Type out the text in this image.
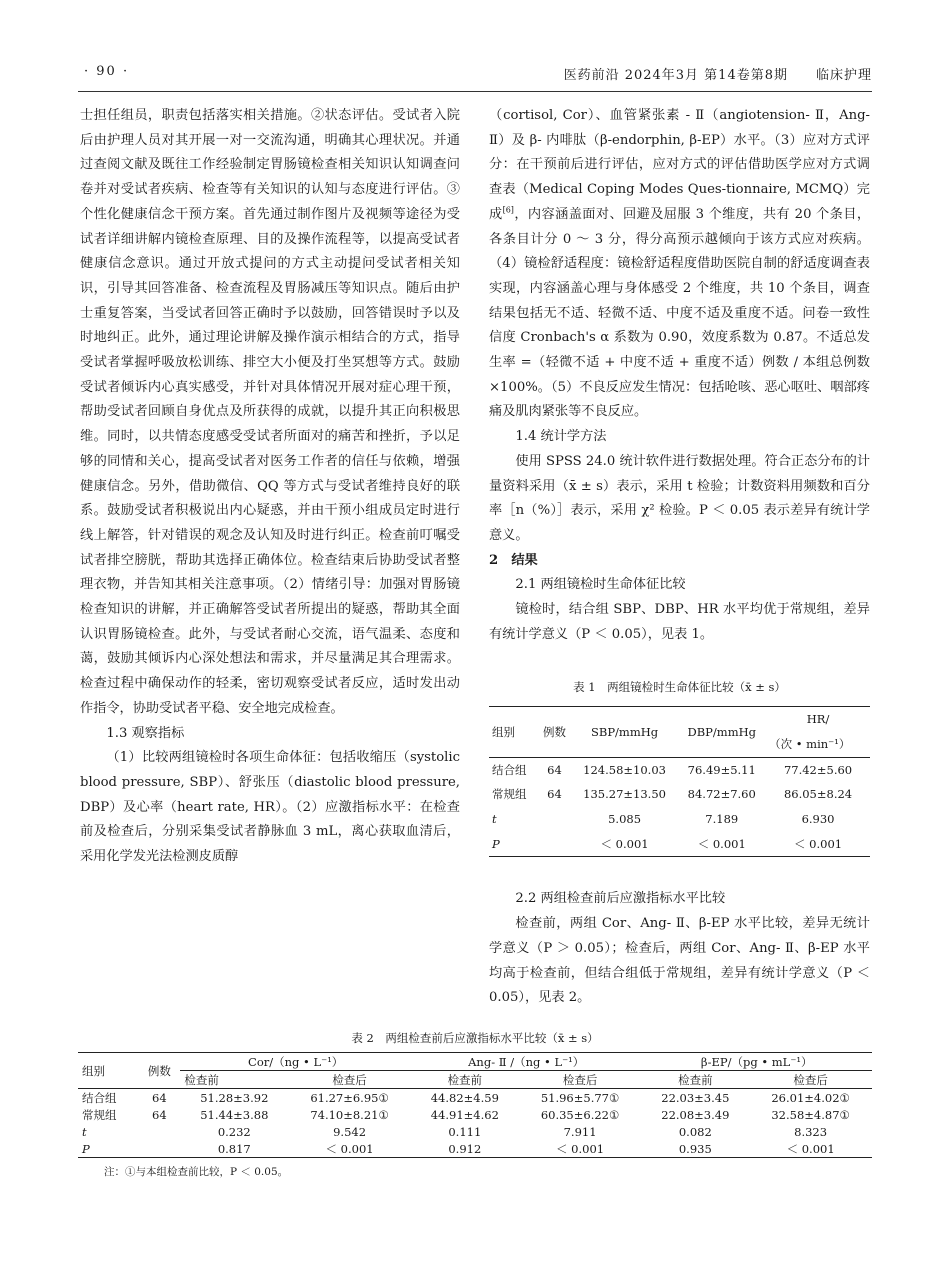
· 90 ·	医药前沿 2024年3月 第14卷第8期　　临床护理

士担任组员，职责包括落实相关措施。②状态评估。受试者入院后由护理人员对其开展一对一交流沟通，明确其心理状况。并通过查阅文献及既往工作经验制定胃肠镜检查相关知识认知调查问卷并对受试者疾病、检查等有关知识的认知与态度进行评估。③个性化健康信念干预方案。首先通过制作图片及视频等途径为受试者详细讲解内镜检查原理、目的及操作流程等，以提高受试者健康信念意识。通过开放式提问的方式主动提问受试者相关知识，引导其回答准备、检查流程及胃肠减压等知识点。随后由护士重复答案，当受试者回答正确时予以鼓励，回答错误时予以及时地纠正。此外，通过理论讲解及操作演示相结合的方式，指导受试者掌握呼吸放松训练、排空大小便及打坐冥想等方式。鼓励受试者倾诉内心真实感受，并针对具体情况开展对症心理干预，帮助受试者回顾自身优点及所获得的成就，以提升其正向积极思维。同时，以共情态度感受受试者所面对的痛苦和挫折，予以足够的同情和关心，提高受试者对医务工作者的信任与依赖，增强健康信念。另外，借助微信、QQ 等方式与受试者维持良好的联系。鼓励受试者积极说出内心疑惑，并由干预小组成员定时进行线上解答，针对错误的观念及认知及时进行纠正。检查前叮嘱受试者排空膀胱，帮助其选择正确体位。检查结束后协助受试者整理衣物，并告知其相关注意事项。（2）情绪引导：加强对胃肠镜检查知识的讲解，并正确解答受试者所提出的疑惑，帮助其全面认识胃肠镜检查。此外，与受试者耐心交流，语气温柔、态度和蔼，鼓励其倾诉内心深处想法和需求，并尽量满足其合理需求。检查过程中确保动作的轻柔，密切观察受试者反应，适时发出动作指令，协助受试者平稳、安全地完成检查。

1.3 观察指标

（1）比较两组镜检时各项生命体征：包括收缩压（systolic blood pressure, SBP）、舒张压（diastolic blood pressure, DBP）及心率（heart rate, HR）。（2）应激指标水平：在检查前及检查后，分别采集受试者静脉血 3 mL，离心获取血清后，采用化学发光法检测皮质醇

（cortisol, Cor）、血管紧张素 - Ⅱ（angiotension- Ⅱ，Ang- Ⅱ）及 β- 内啡肽（β-endorphin, β-EP）水平。（3）应对方式评分：在干预前后进行评估，应对方式的评估借助医学应对方式调查表（Medical Coping Modes Ques-tionnaire, MCMQ）完成[6]，内容涵盖面对、回避及屈服 3 个维度，共有 20 个条目，各条目计分 0 ～ 3 分，得分高预示越倾向于该方式应对疾病。（4）镜检舒适程度：镜检舒适程度借助医院自制的舒适度调查表实现，内容涵盖心理与身体感受 2 个维度，共 10 个条目，调查结果包括无不适、轻微不适、中度不适及重度不适。问卷一致性信度 Cronbach's α 系数为 0.90，效度系数为 0.87。不适总发生率 =（轻微不适 + 中度不适 + 重度不适）例数 / 本组总例数 ×100%。（5）不良反应发生情况：包括呛咳、恶心呕吐、咽部疼痛及肌肉紧张等不良反应。

1.4 统计学方法

使用 SPSS 24.0 统计软件进行数据处理。符合正态分布的计量资料采用（x̄ ± s）表示，采用 t 检验；计数资料用频数和百分率［n（%）］表示，采用 χ² 检验。P ＜ 0.05 表示差异有统计学意义。

2　结果

2.1 两组镜检时生命体征比较

镜检时，结合组 SBP、DBP、HR 水平均优于常规组，差异有统计学意义（P ＜ 0.05），见表 1。

表 1　两组镜检时生命体征比较（x̄ ± s）

组别	例数	SBP/mmHg	DBP/mmHg	HR/
				（次 • min⁻¹）
结合组	64	124.58±10.03	76.49±5.11	77.42±5.60
常规组	64	135.27±13.50	84.72±7.60	86.05±8.24
t		5.085	7.189	6.930
P		＜ 0.001	＜ 0.001	＜ 0.001

2.2 两组检查前后应激指标水平比较

检查前，两组 Cor、Ang- Ⅱ、β-EP 水平比较，差异无统计学意义（P ＞ 0.05）；检查后，两组 Cor、Ang- Ⅱ、β-EP 水平均高于检查前，但结合组低于常规组，差异有统计学意义（P ＜ 0.05），见表 2。

表 2　两组检查前后应激指标水平比较（x̄ ± s）

组别	例数	Cor/（ng • L⁻¹）		Ang- Ⅱ /（ng • L⁻¹）		β-EP/（pg • mL⁻¹）	
		检查前	检查后	检查前	检查后	检查前	检查后
结合组	64	51.28±3.92	61.27±6.95①	44.82±4.59	51.96±5.77①	22.03±3.45	26.01±4.02①
常规组	64	51.44±3.88	74.10±8.21①	44.91±4.62	60.35±6.22①	22.08±3.49	32.58±4.87①
t		0.232	9.542	0.111	7.911	0.082	8.323
P		0.817	＜ 0.001	0.912	＜ 0.001	0.935	＜ 0.001

注：①与本组检查前比较，P ＜ 0.05。
